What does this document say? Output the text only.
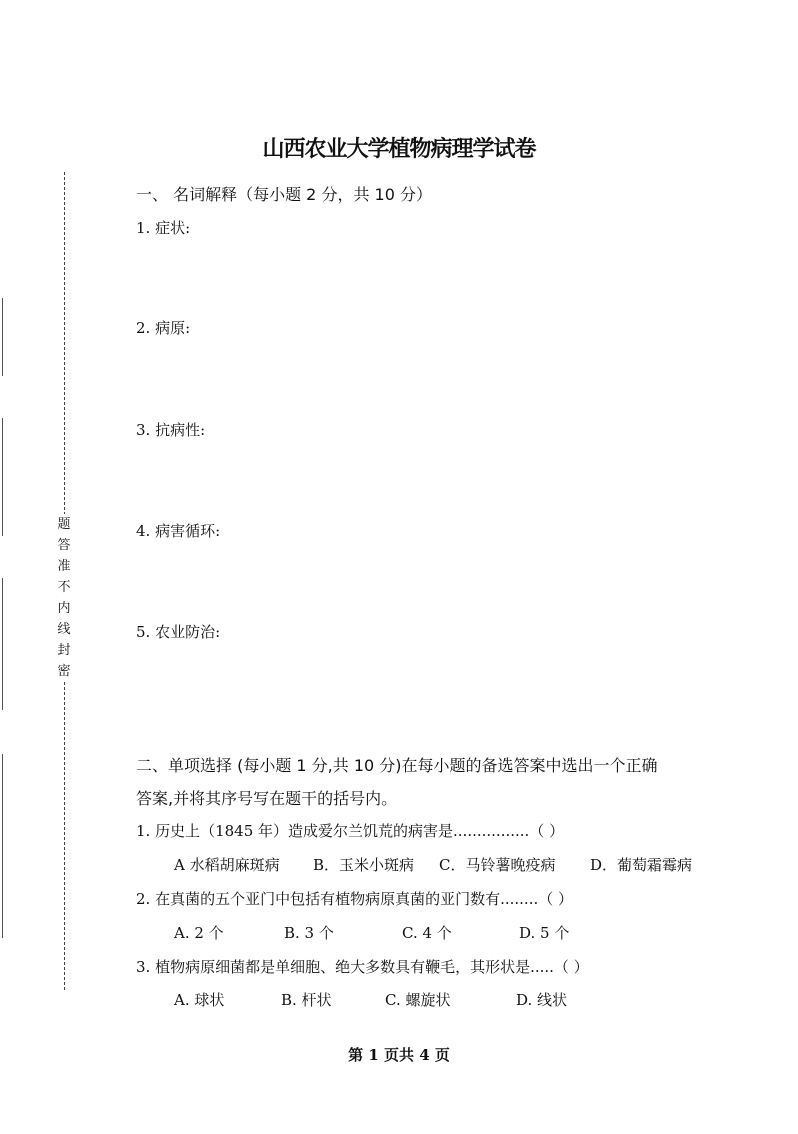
题
答
准
不
内
线
封
密
山西农业大学植物病理学试卷
一、 名词解释（每小题 2 分，共 10 分）
1. 症状:
2. 病原:
3. 抗病性:
4. 病害循环:
5. 农业防治:
二、单项选择 (每小题 1 分,共 10 分)在每小题的备选答案中选出一个正确
答案,并将其序号写在题干的括号内。
1. 历史上（1845 年）造成爱尔兰饥荒的病害是................（ ）
A 水稻胡麻斑病 B．玉米小斑病 C．马铃薯晚疫病 D．葡萄霜霉病
2. 在真菌的五个亚门中包括有植物病原真菌的亚门数有........（ ）
A. 2 个	B. 3 个	C. 4 个	D. 5 个
3. 植物病原细菌都是单细胞、绝大多数具有鞭毛，其形状是.....（ ）
A. 球状	B. 杆状	C. 螺旋状	D. 线状
第 1 页共 4 页
